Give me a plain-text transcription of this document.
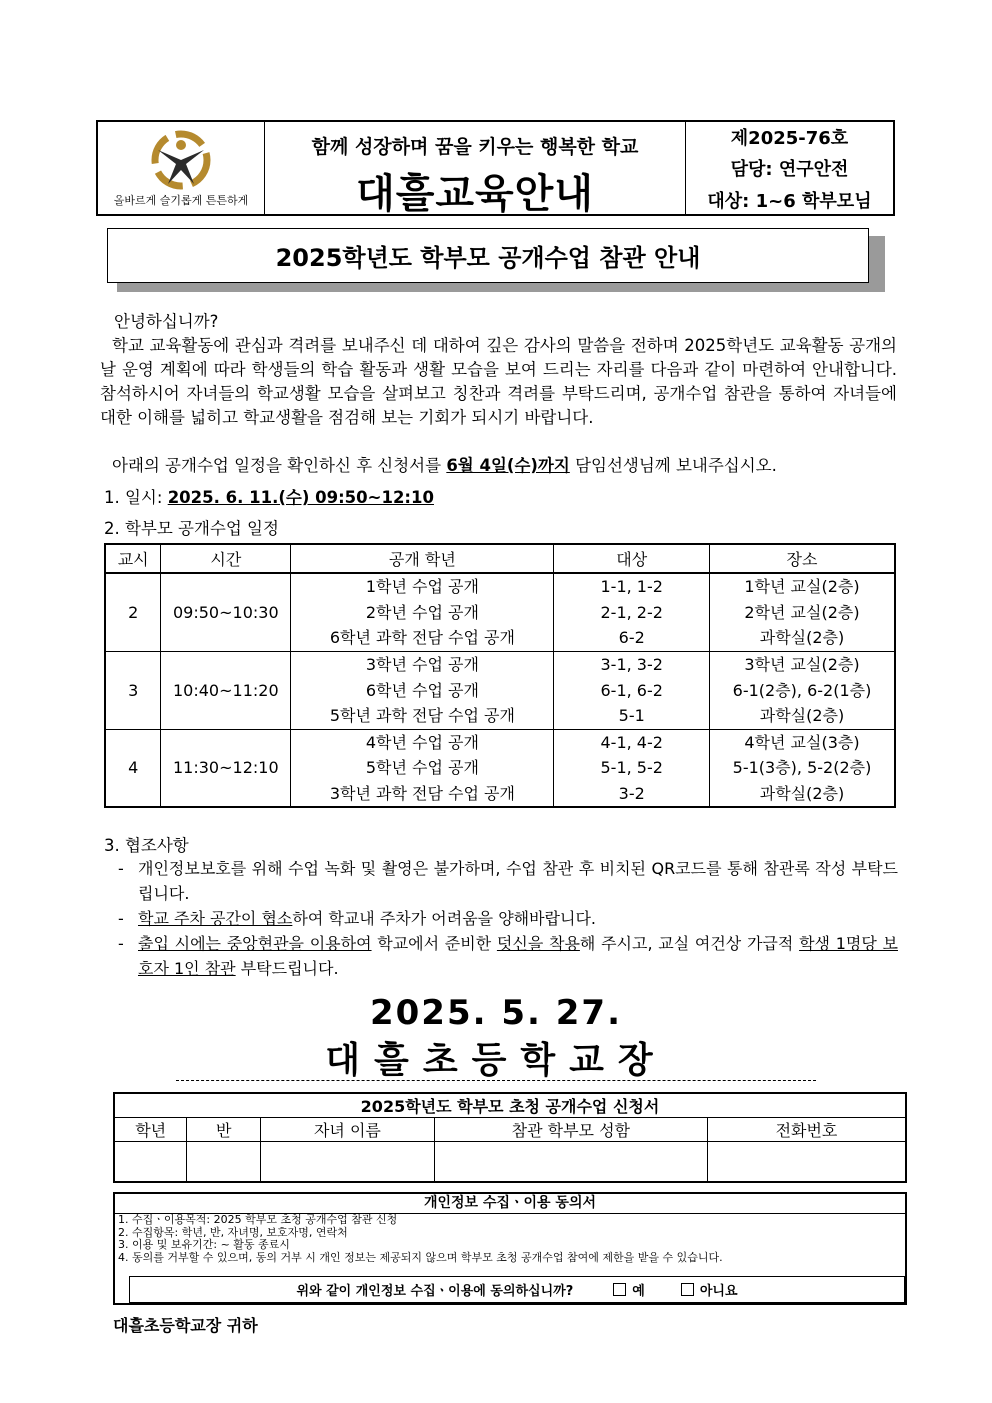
올바르게 슬기롭게 튼튼하게
함께 성장하며 꿈을 키우는 행복한 학교
대흘교육안내
제2025-76호
담당: 연구안전
대상: 1~6 학부모님
2025학년도 학부모 공개수업 참관 안내
안녕하십니까?
학교 교육활동에 관심과 격려를 보내주신 데 대하여 깊은 감사의 말씀을 전하며 2025학년도 교육활동 공개의 날 운영 계획에 따라 학생들의 학습 활동과 생활 모습을 보여 드리는 자리를 다음과 같이 마련하여 안내합니다. 참석하시어 자녀들의 학교생활 모습을 살펴보고 칭찬과 격려를 부탁드리며, 공개수업 참관을 통하여 자녀들에 대한 이해를 넓히고 학교생활을 점검해 보는 기회가 되시기 바랍니다.
아래의 공개수업 일정을 확인하신 후 신청서를 6월 4일(수)까지 담임선생님께 보내주십시오.
1. 일시: 2025. 6. 11.(수) 09:50~12:10
2. 학부모 공개수업 일정
교시	시간	공개 학년	대상	장소
2	09:50~10:30	1학년 수업 공개	1-1, 1-2	1학년 교실(2층)
		2학년 수업 공개	2-1, 2-2	2학년 교실(2층)
		6학년 과학 전담 수업 공개	6-2	과학실(2층)
3	10:40~11:20	3학년 수업 공개	3-1, 3-2	3학년 교실(2층)
		6학년 수업 공개	6-1, 6-2	6-1(2층), 6-2(1층)
		5학년 과학 전담 수업 공개	5-1	과학실(2층)
4	11:30~12:10	4학년 수업 공개	4-1, 4-2	4학년 교실(3층)
		5학년 수업 공개	5-1, 5-2	5-1(3층), 5-2(2층)
		3학년 과학 전담 수업 공개	3-2	과학실(2층)
3. 협조사항
- 개인정보보호를 위해 수업 녹화 및 촬영은 불가하며, 수업 참관 후 비치된 QR코드를 통해 참관록 작성 부탁드립니다.
- 학교 주차 공간이 협소하여 학교내 주차가 어려움을 양해바랍니다.
- 출입 시에는 중앙현관을 이용하여 학교에서 준비한 덧신을 착용해 주시고, 교실 여건상 가급적 학생 1명당 보호자 1인 참관 부탁드립니다.
2025. 5. 27.
대흘초등학교장
2025학년도 학부모 초청 공개수업 신청서				
학년	반	자녀 이름	참관 학부모 성함	전화번호

개인정보 수집ㆍ이용 동의서
1. 수집ㆍ이용목적: 2025 학부모 초청 공개수업 참관 신청
2. 수집항목: 학년, 반, 자녀명, 보호자명, 연락처
3. 이용 및 보유기간: ~ 활동 종료시
4. 동의를 거부할 수 있으며, 동의 거부 시 개인 정보는 제공되지 않으며 학부모 초청 공개수업 참여에 제한을 받을 수 있습니다.
위와 같이 개인정보 수집ㆍ이용에 동의하십니까?	예	아니요
대흘초등학교장 귀하
